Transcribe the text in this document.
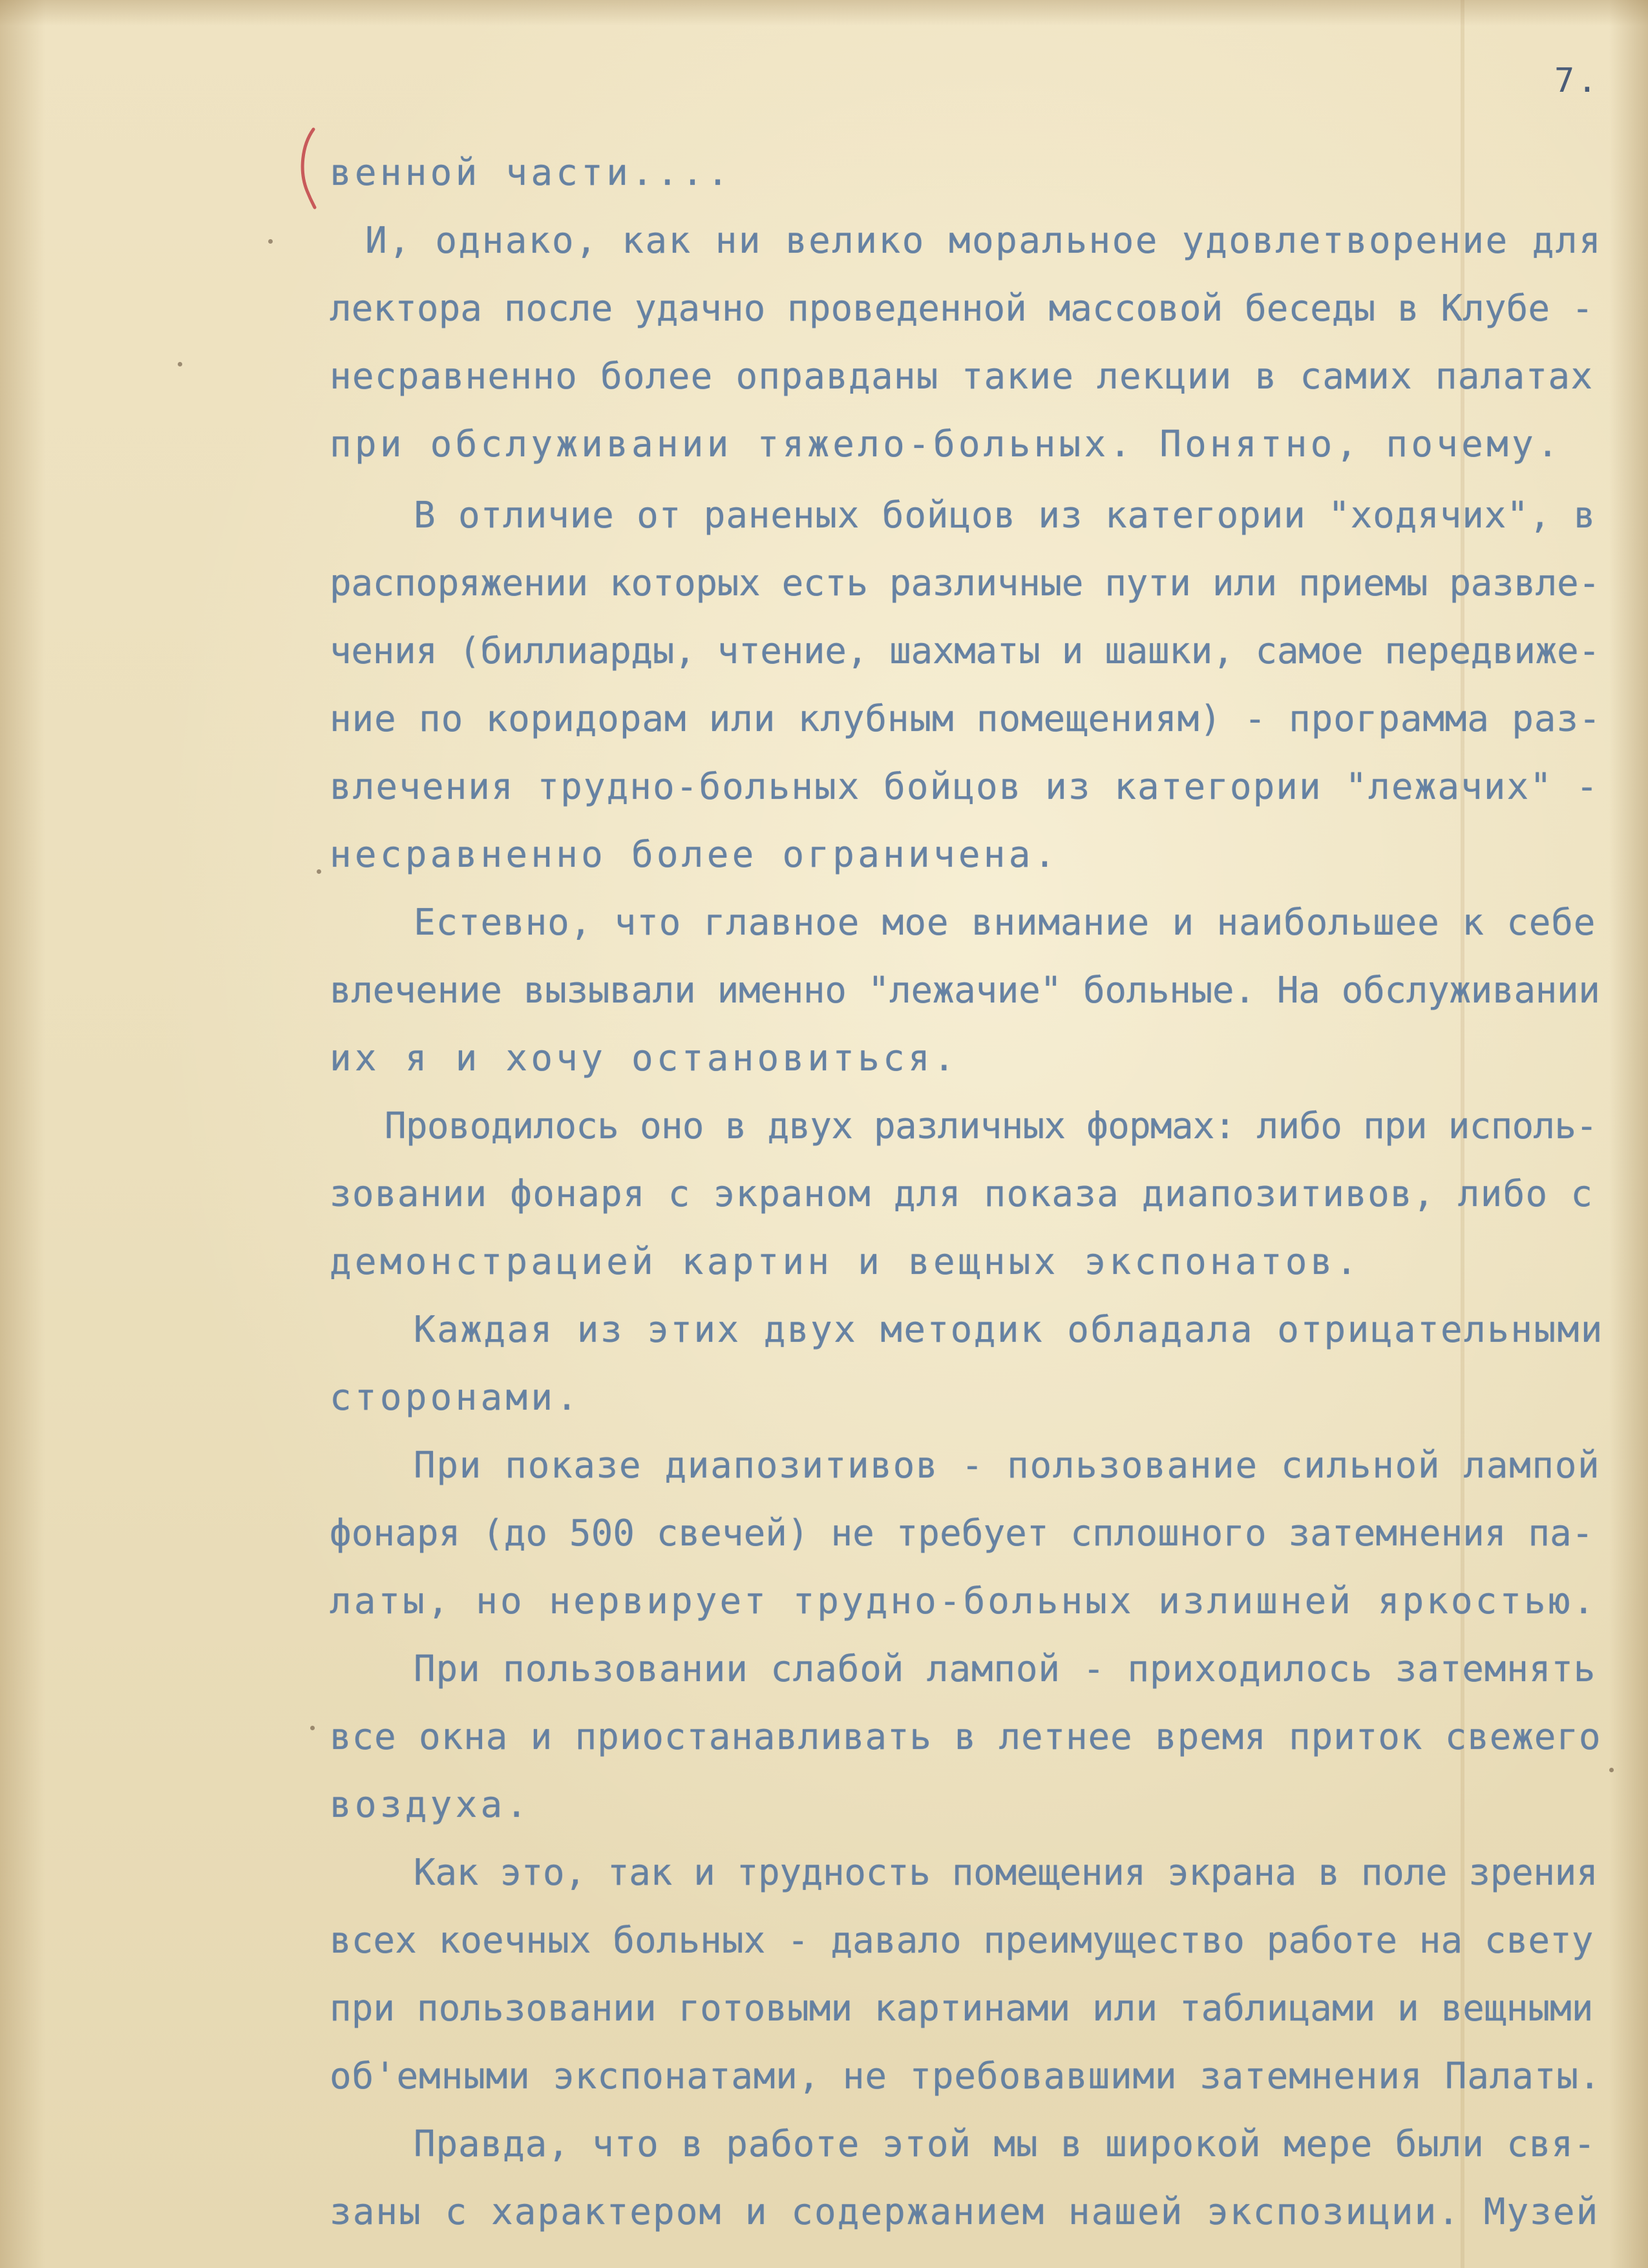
7.
венной части....
И, однако, как ни велико моральное удовлетворение для
лектора после удачно проведенной массовой беседы в Клубе -
несравненно более оправданы такие лекции в самих палатах
при обслуживании тяжело-больных. Понятно, почему.
В отличие от раненых бойцов из категории "ходячих", в
распоряжении которых есть различные пути или приемы развле-
чения (биллиарды, чтение, шахматы и шашки, самое передвиже-
ние по коридорам или клубным помещениям) - программа раз-
влечения трудно-больных бойцов из категории "лежачих" -
несравненно более ограничена.
Естевно, что главное мое внимание и наибольшее к себе
влечение вызывали именно "лежачие" больные. На обслуживании
их я и хочу остановиться.
Проводилось оно в двух различных формах: либо при исполь-
зовании фонаря с экраном для показа диапозитивов, либо с
демонстрацией картин и вещных экспонатов.
Каждая из этих двух методик обладала отрицательными
сторонами.
При показе диапозитивов - пользование сильной лампой
фонаря (до 500 свечей) не требует сплошного затемнения па-
латы, но нервирует трудно-больных излишней яркостью.
При пользовании слабой лампой - приходилось затемнять
все окна и приостанавливать в летнее время приток свежего
воздуха.
Как это, так и трудность помещения экрана в поле зрения
всех коечных больных - давало преимущество работе на свету
при пользовании готовыми картинами или таблицами и вещными
об'емными экспонатами, не требовавшими затемнения Палаты.
Правда, что в работе этой мы в широкой мере были свя-
заны с характером и содержанием нашей экспозиции. Музей
